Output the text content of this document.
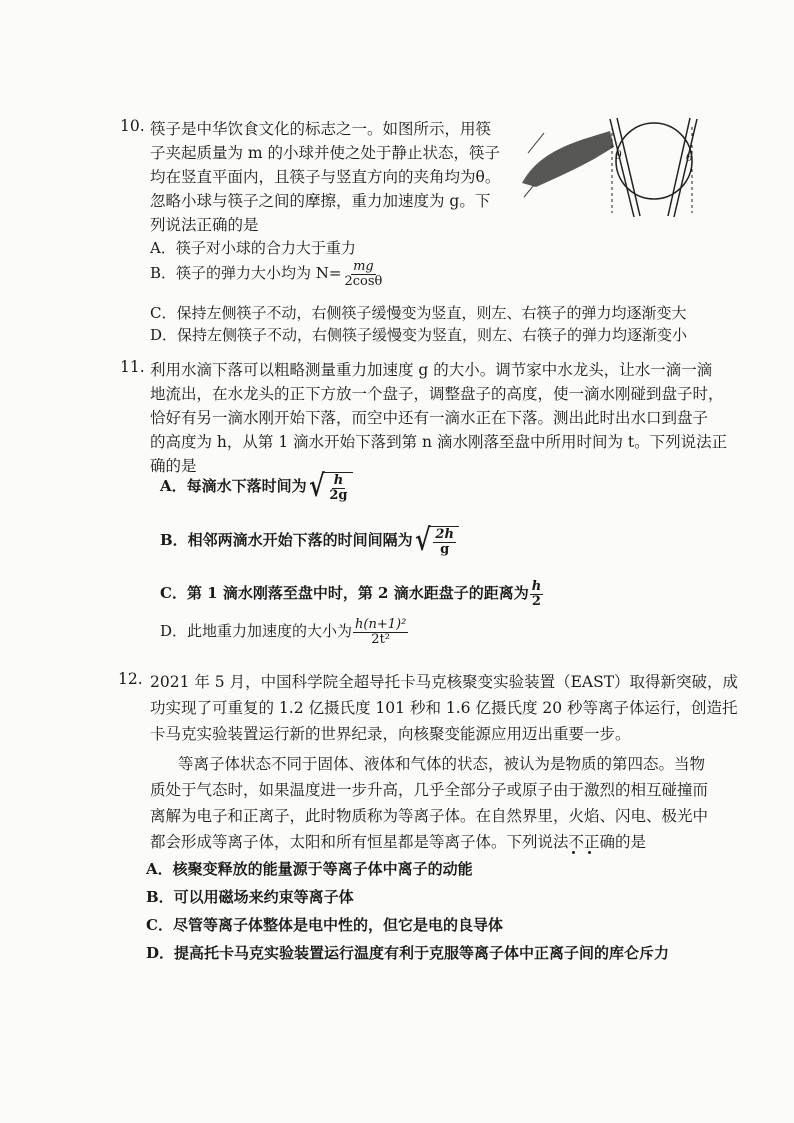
10. 筷子是中华饮食文化的标志之一。如图所示，用筷
子夹起质量为 m 的小球并使之处于静止状态，筷子
均在竖直平面内，且筷子与竖直方向的夹角均为θ。
忽略小球与筷子之间的摩擦，重力加速度为 g。下
列说法正确的是
A．筷子对小球的合力大于重力
B．筷子的弹力大小均为 $N= \frac{mg}{2\cos\theta}$
C．保持左侧筷子不动，右侧筷子缓慢变为竖直，则左、右筷子的弹力均逐渐变大
D．保持左侧筷子不动，右侧筷子缓慢变为竖直，则左、右筷子的弹力均逐渐变小
θ	θ
11. 利用水滴下落可以粗略测量重力加速度 g 的大小。调节家中水龙头，让水一滴一滴
地流出，在水龙头的正下方放一个盘子，调整盘子的高度，使一滴水刚碰到盘子时，
恰好有另一滴水刚开始下落，而空中还有一滴水正在下落。测出此时出水口到盘子
的高度为 h，从第 1 滴水开始下落到第 n 滴水刚落至盘中所用时间为 t。下列说法正
确的是
A．每滴水下落时间为 √ $\frac{h}{2g}$
B．相邻两滴水开始下落的时间间隔为 √ $\frac{2h}{g}$
C．第 1 滴水刚落至盘中时，第 2 滴水距盘子的距离为 $\frac{h}{2}$
D．此地重力加速度的大小为 $\frac{\text{h(n+1)²}}{\text{2t²}}$
12. 2021 年 5 月，中国科学院全超导托卡马克核聚变实验装置（EAST）取得新突破，成
功实现了可重复的 1.2 亿摄氏度 101 秒和 1.6 亿摄氏度 20 秒等离子体运行，创造托
卡马克实验装置运行新的世界纪录，向核聚变能源应用迈出重要一步。
等离子体状态不同于固体、液体和气体的状态，被认为是物质的第四态。当物
质处于气态时，如果温度进一步升高，几乎全部分子或原子由于激烈的相互碰撞而
离解为电子和正离子，此时物质称为等离子体。在自然界里，火焰、闪电、极光中
都会形成等离子体，太阳和所有恒星都是等离子体。下列说法不正确的是
A．核聚变释放的能量源于等离子体中离子的动能
B．可以用磁场来约束等离子体
C．尽管等离子体整体是电中性的，但它是电的良导体
D．提高托卡马克实验装置运行温度有利于克服等离子体中正离子间的库仑斥力
